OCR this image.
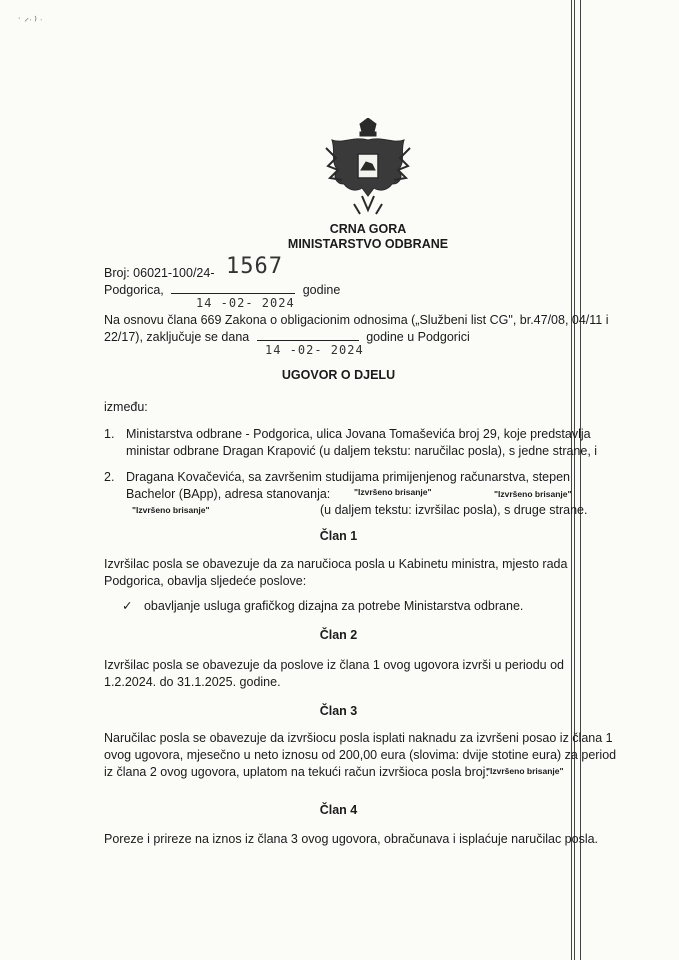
˙ ⸍ˑ ⁾ ˑ
CRNA GORA
MINISTARSTVO ODBRANE
Broj: 06021-100/24- 1567
Podgorica,	godine
14 -02- 2024
Na osnovu člana 669 Zakona o obligacionim odnosima („Službeni list CG", br.47/08, 04/11 i
22/17), zaključuje se dana	godine u Podgorici
14 -02- 2024
UGOVOR O DJELU
između:
1. Ministarstva odbrane - Podgorica, ulica Jovana Tomaševića broj 29, koje predstavlja
ministar odbrane Dragan Krapović (u daljem tekstu: naručilac posla), s jedne strane, i
2. Dragana Kovačevića, sa završenim studijama primijenjenog računarstva, stepen
Bachelor (BApp), adresa stanovanja:	"Izvršeno brisanje"	"Izvršeno brisanje"
"Izvršeno brisanje"	(u daljem tekstu: izvršilac posla), s druge strane.
Član 1
Izvršilac posla se obavezuje da za naručioca posla u Kabinetu ministra, mjesto rada
Podgorica, obavlja sljedeće poslove:
✓ obavljanje usluga grafičkog dizajna za potrebe Ministarstva odbrane.
Član 2
Izvršilac posla se obavezuje da poslove iz člana 1 ovog ugovora izvrši u periodu od
1.2.2024. do 31.1.2025. godine.
Član 3
Naručilac posla se obavezuje da izvršiocu posla isplati naknadu za izvršeni posao iz člana 1
ovog ugovora, mjesečno u neto iznosu od 200,00 eura (slovima: dvije stotine eura) za period
iz člana 2 ovog ugovora, uplatom na tekući račun izvršioca posla broj:
"Izvršeno brisanje"
Član 4
Poreze i prireze na iznos iz člana 3 ovog ugovora, obračunava i isplaćuje naručilac posla.
